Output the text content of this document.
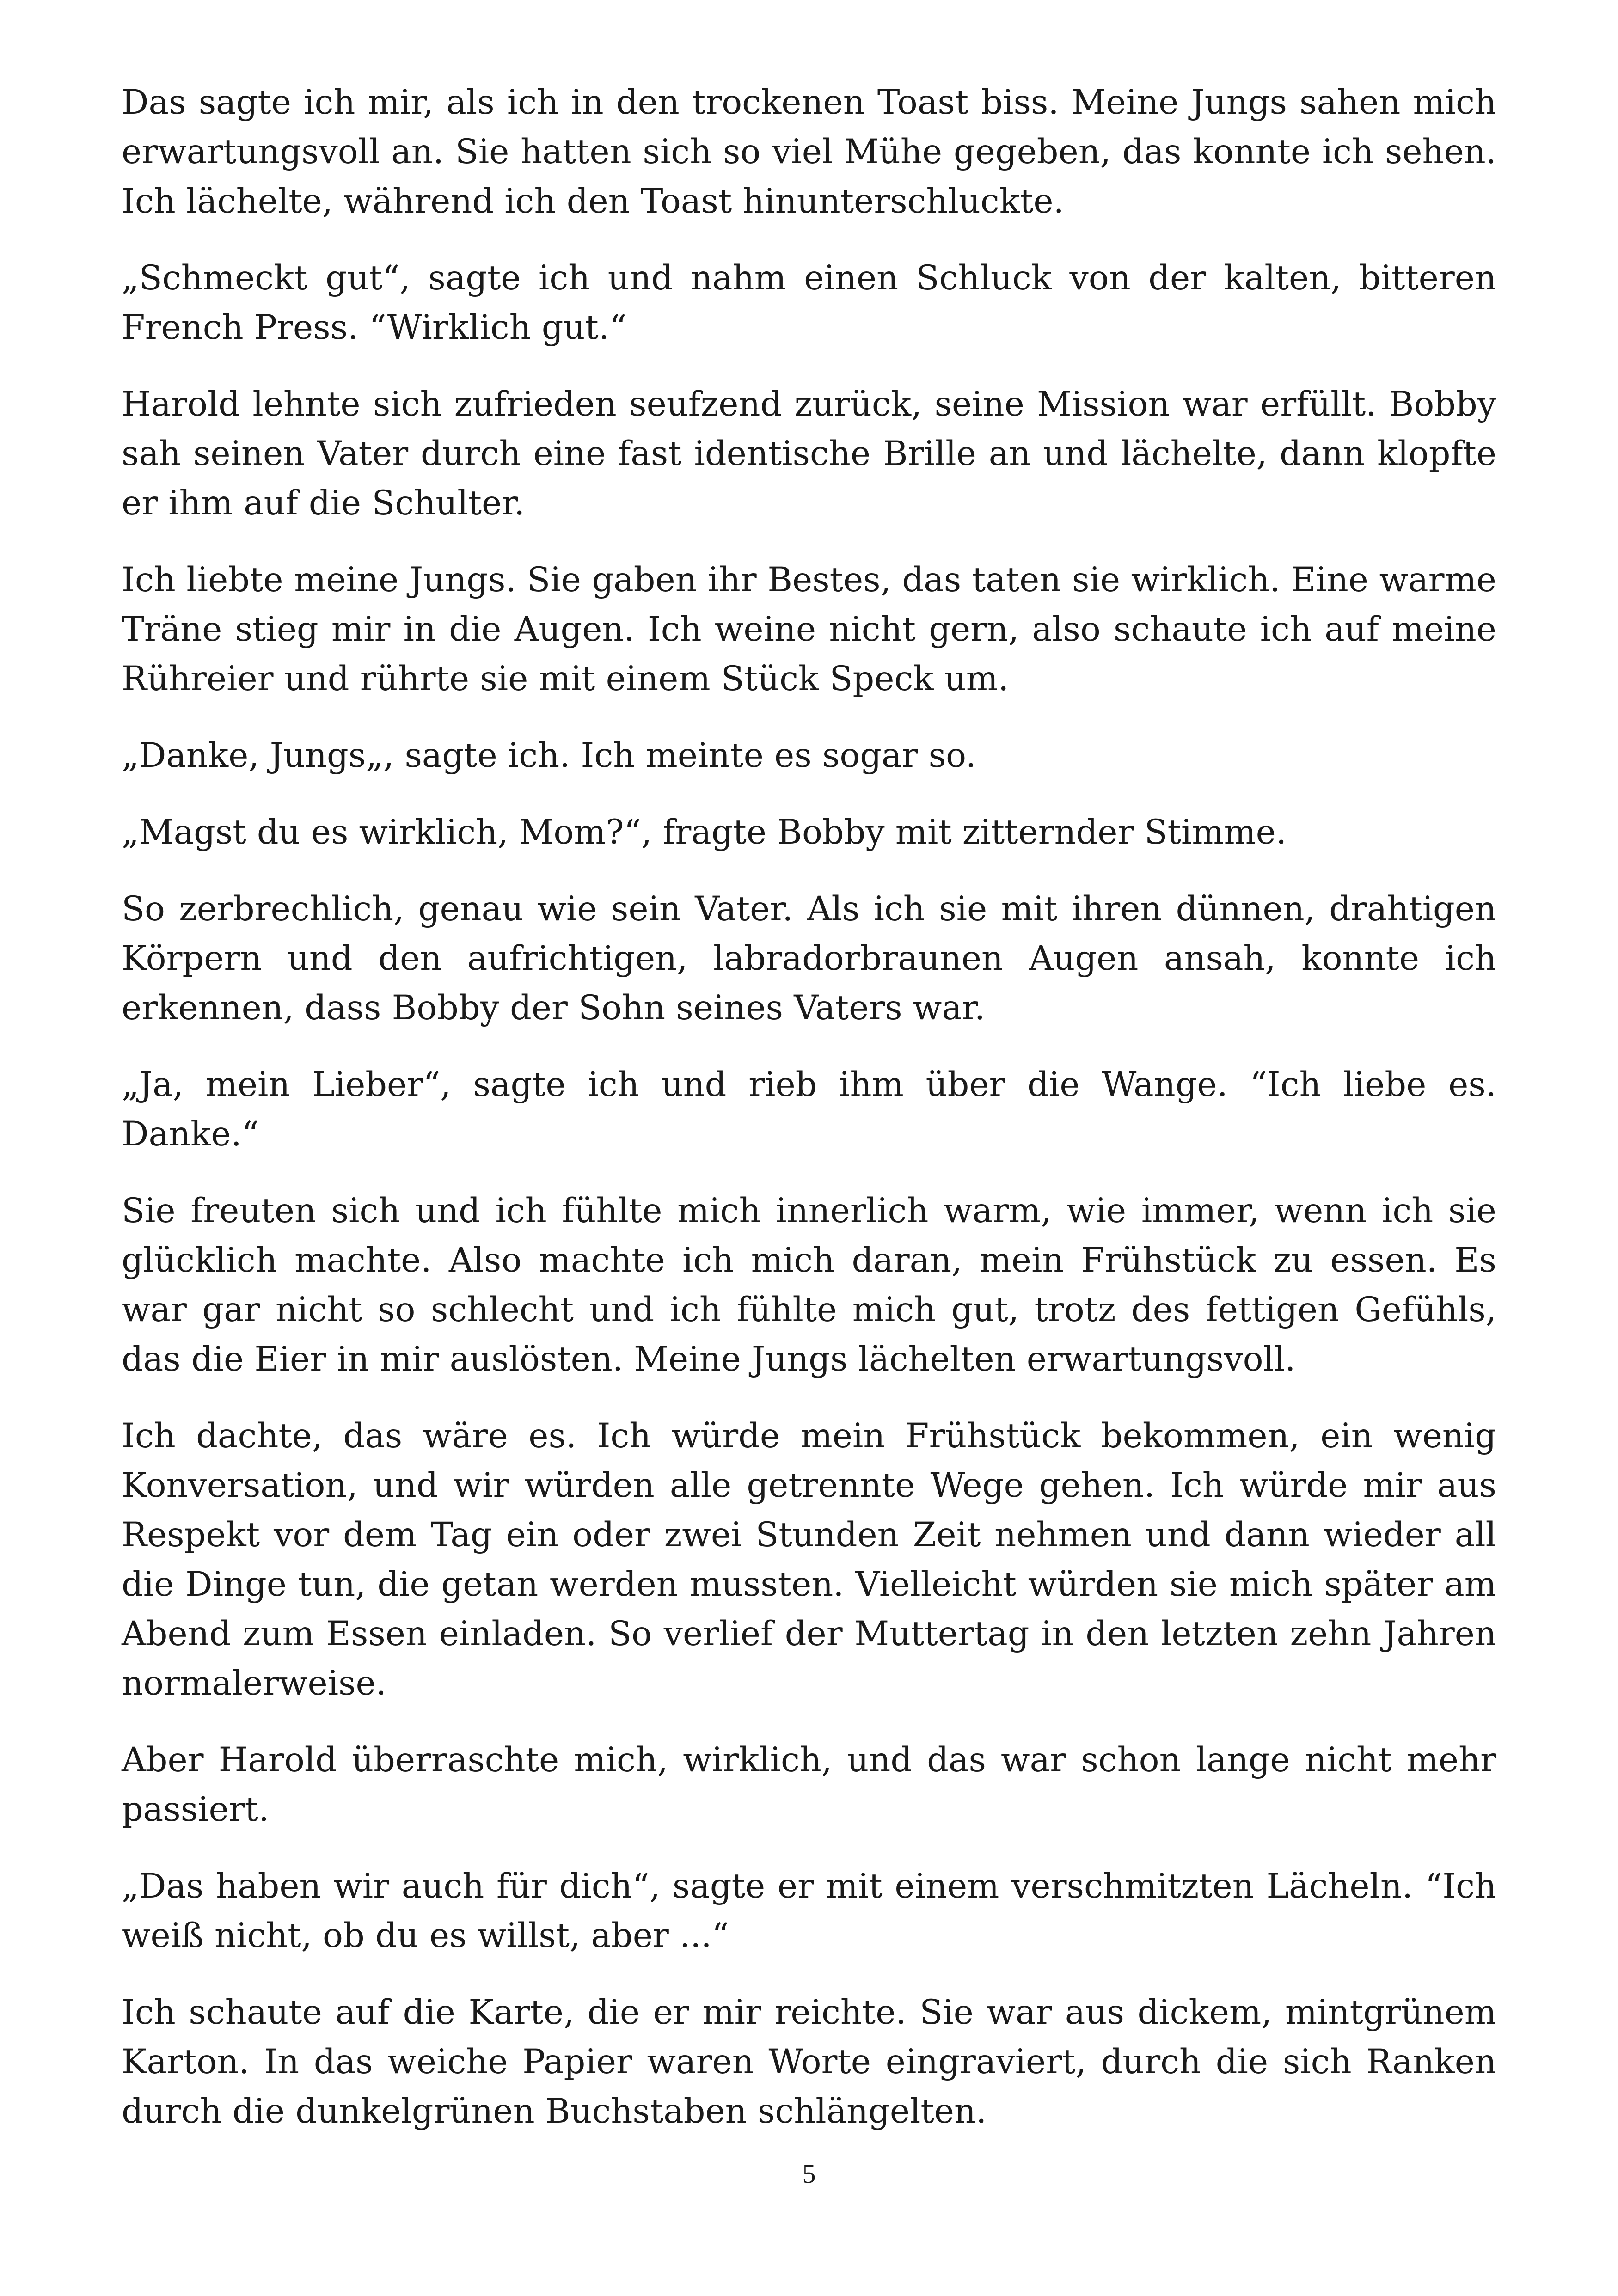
Das sagte ich mir, als ich in den trockenen Toast biss. Meine Jungs sahen mich erwartungsvoll an. Sie hatten sich so viel Mühe gegeben, das konnte ich sehen. Ich lächelte, während ich den Toast hinunterschluckte.

„Schmeckt gut“, sagte ich und nahm einen Schluck von der kalten, bitteren French Press. “Wirklich gut.“

Harold lehnte sich zufrieden seufzend zurück, seine Mission war erfüllt. Bobby sah seinen Vater durch eine fast identische Brille an und lächelte, dann klopfte er ihm auf die Schulter.

Ich liebte meine Jungs. Sie gaben ihr Bestes, das taten sie wirklich. Eine warme Träne stieg mir in die Augen. Ich weine nicht gern, also schaute ich auf meine Rühreier und rührte sie mit einem Stück Speck um.

„Danke, Jungs„, sagte ich. Ich meinte es sogar so.

„Magst du es wirklich, Mom?“, fragte Bobby mit zitternder Stimme.

So zerbrechlich, genau wie sein Vater. Als ich sie mit ihren dünnen, drahtigen Körpern und den aufrichtigen, labradorbraunen Augen ansah, konnte ich erkennen, dass Bobby der Sohn seines Vaters war.

„Ja, mein Lieber“, sagte ich und rieb ihm über die Wange. “Ich liebe es. Danke.“

Sie freuten sich und ich fühlte mich innerlich warm, wie immer, wenn ich sie glücklich machte. Also machte ich mich daran, mein Frühstück zu essen. Es war gar nicht so schlecht und ich fühlte mich gut, trotz des fettigen Gefühls, das die Eier in mir auslösten. Meine Jungs lächelten erwartungsvoll.

Ich dachte, das wäre es. Ich würde mein Frühstück bekommen, ein wenig Konversation, und wir würden alle getrennte Wege gehen. Ich würde mir aus Respekt vor dem Tag ein oder zwei Stunden Zeit nehmen und dann wieder all die Dinge tun, die getan werden mussten. Vielleicht würden sie mich später am Abend zum Essen einladen. So verlief der Muttertag in den letzten zehn Jahren normalerweise.

Aber Harold überraschte mich, wirklich, und das war schon lange nicht mehr passiert.

„Das haben wir auch für dich“, sagte er mit einem verschmitzten Lächeln. “Ich weiß nicht, ob du es willst, aber ...“

Ich schaute auf die Karte, die er mir reichte. Sie war aus dickem, mintgrünem Karton. In das weiche Papier waren Worte eingraviert, durch die sich Ranken durch die dunkelgrünen Buchstaben schlängelten.

5
